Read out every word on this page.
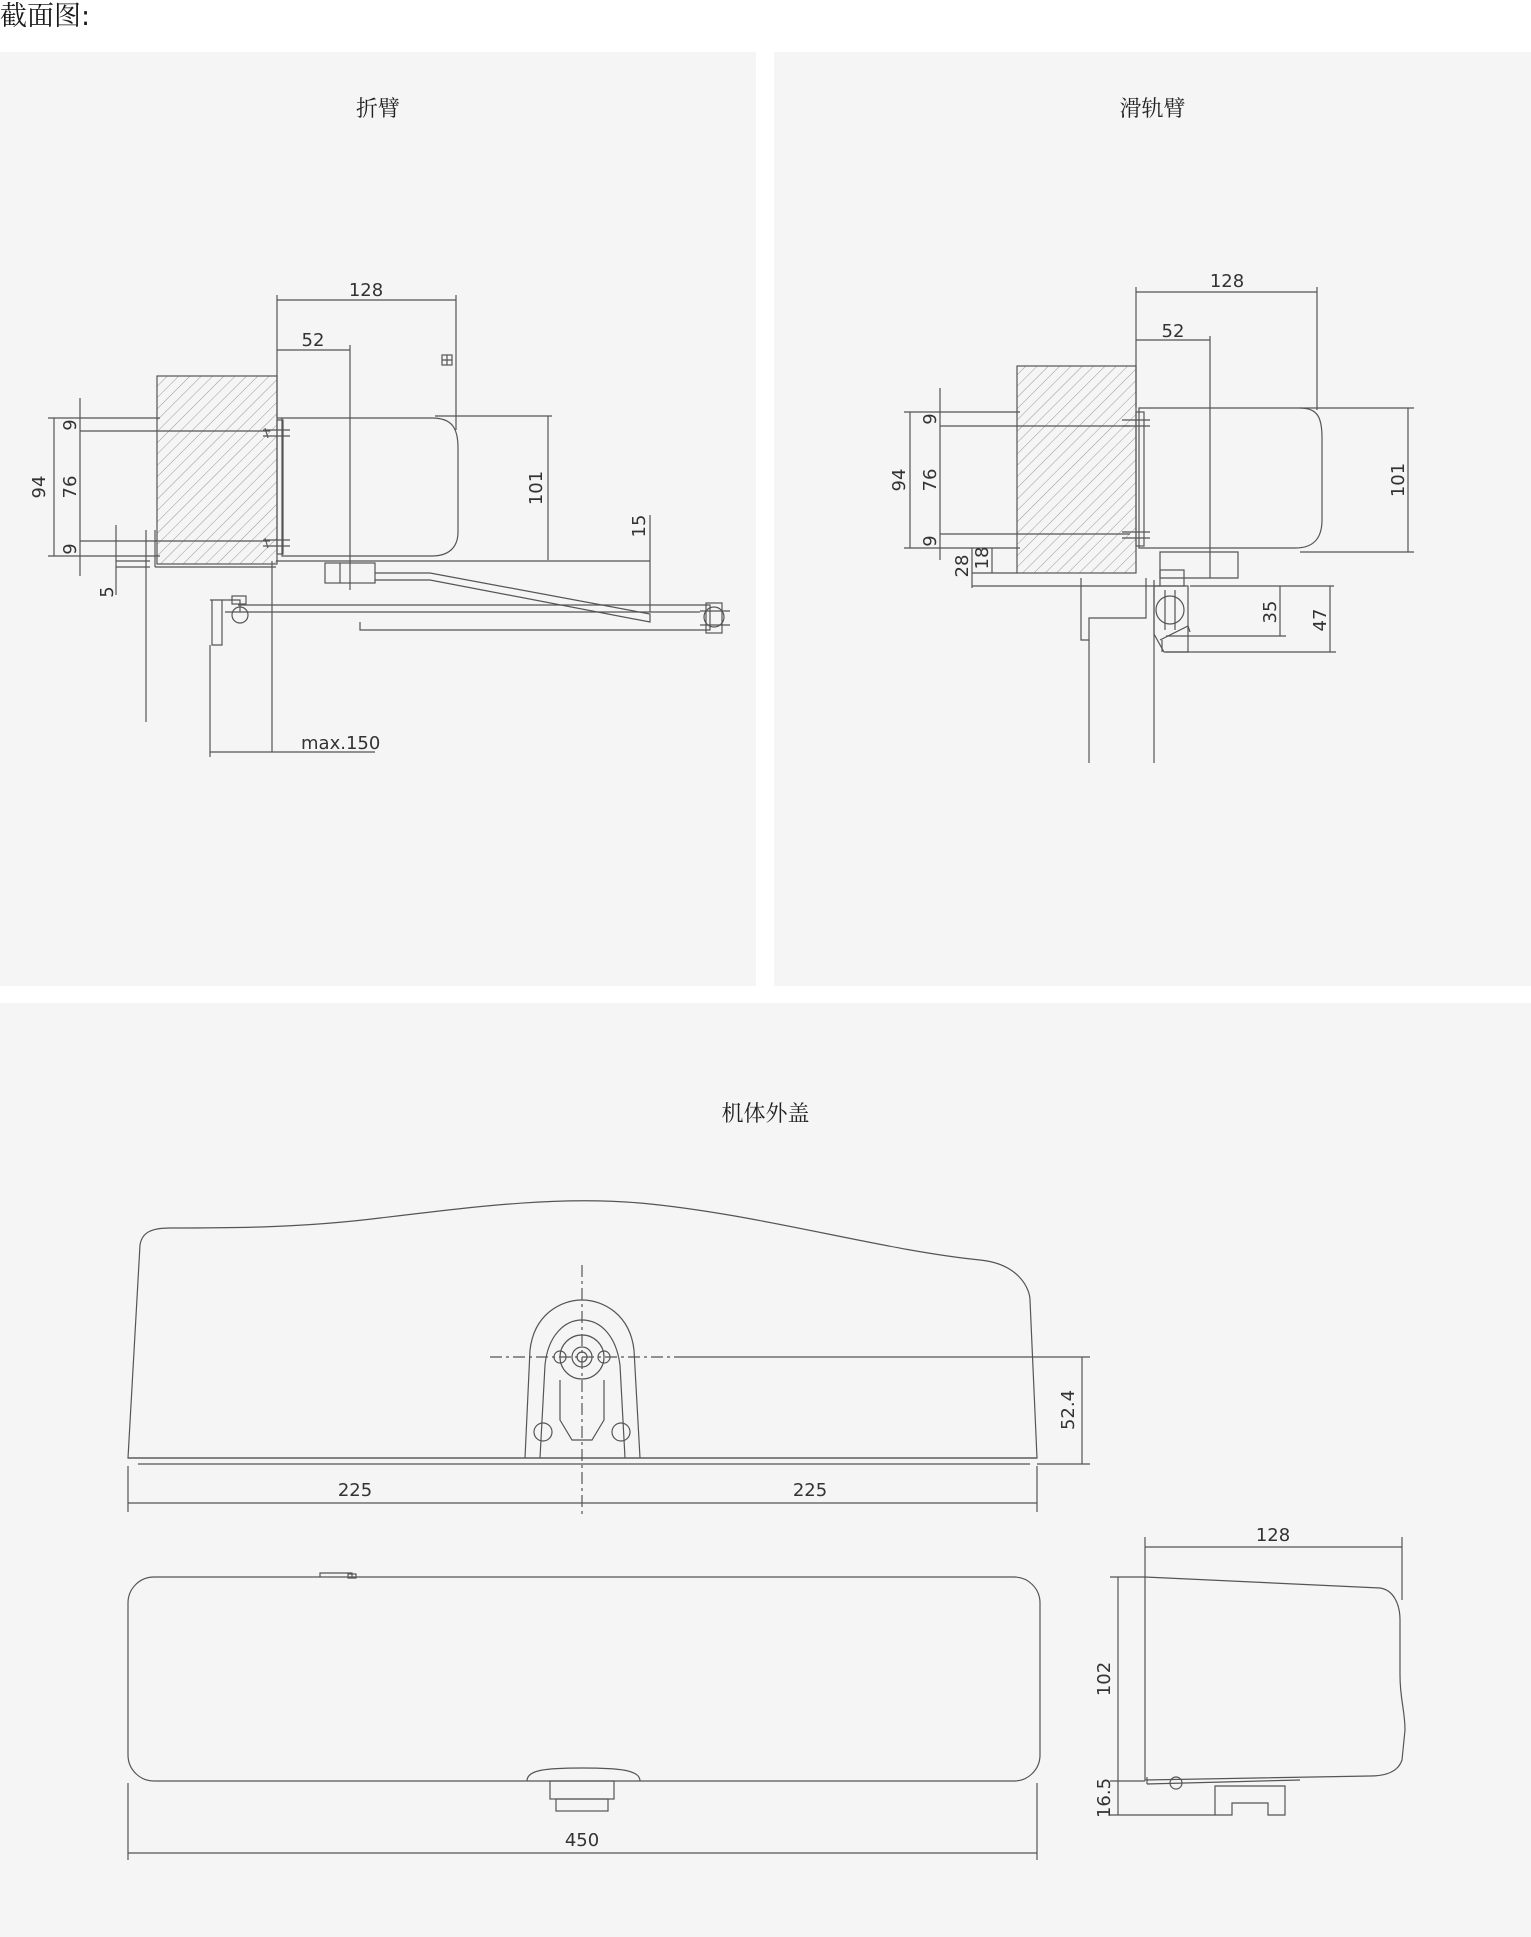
截面图:
折臂	滑轨臂
机体外盖
128
52
101
15
94 76
9
9
5
max.150
128
52
101
94 76
9
9
28 18
35 47
52.4
225	225
450
128
102
16.5
